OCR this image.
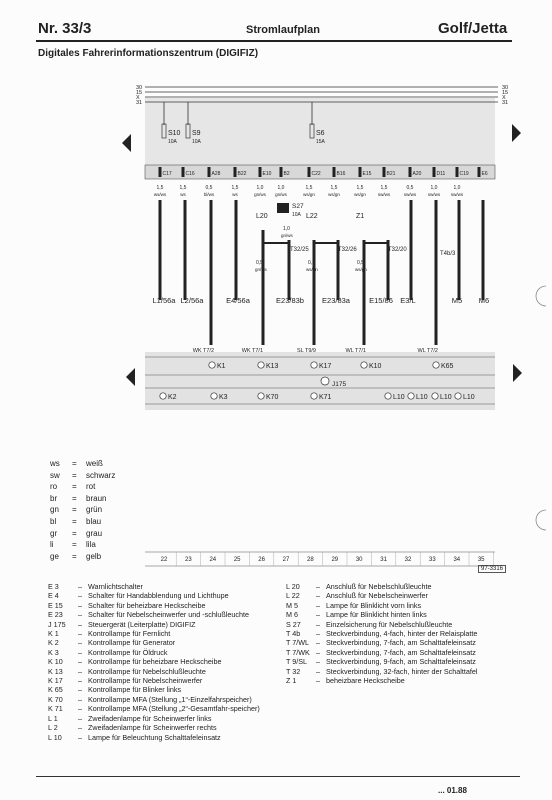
Nr. 33/3	Stromlaufplan	Golf/Jetta
Digitales Fahrerinformationszentrum (DIGIFIZ)
30	30
15	15
X	X
31	31
S10
10A
S9
10A
S6
15A
C17	C16	A28	B22	E10 B2	C22	B16	E15	B21	A20	D11	C19	E6
1,5
ws/ws
1,5
ws
0,5
bl/ws
1,5
ws
1,0
gn/ws
1,0
gn/ws
1,5
ws/gn
1,5
ws/gn
1,5
ws/gn
1,5
sw/ws
0,5
sw/ws
1,0
sw/ws
1,0
sw/ws
S27
10A
L20	L22	Z1
1,0
gn/ws
T32/25	T32/26	T32/20
T4b/3
0,5
gn/ws
0,5
ws/gn
0,5
ws/gn
L1/56a L2/56a	E4/56a	E23/83b E23/83a	E15/86 E3/L	M5 M6
WK T7/2	WK T7/1	SL T9/9	WL T7/1	WL T7/2
K1	K13	K17	K10	K65
J175
K2	K3	K70	K71	L10 L10 L10 L10
22	23	24	25	26	27	28	29	30	31	32	33	34	35
ws	=	weiß
sw	=	schwarz
ro	=	rot
br	=	braun
gn	=	grün
bl	=	blau
gr	=	grau
li	=	lila
ge	=	gelb
97-3316
E 3	– Warnlichtschalter
E 4	– Schalter für Handabblendung und Lichthupe
E 15	– Schalter für beheizbare Heckscheibe
E 23	– Schalter für Nebelscheinwerfer und -schlußleuchte
J 175	– Steuergerät (Leiterplatte) DIGIFIZ
K 1	– Kontrollampe für Fernlicht
K 2	– Kontrollampe für Generator
K 3	– Kontrollampe für Öldruck
K 10	– Kontrollampe für beheizbare Heckscheibe
K 13	– Kontrollampe für Nebelschlußleuchte
K 17	– Kontrollampe für Nebelscheinwerfer
K 65	– Kontrollampe für Blinker links
K 70	– Kontrollampe MFA (Stellung „1“-Einzelfahrspeicher)
K 71	– Kontrollampe MFA (Stellung „2“-Gesamtfahr-speicher)
L 1	– Zweifadenlampe für Scheinwerfer links
L 2	– Zweifadenlampe für Scheinwerfer rechts
L 10	– Lampe für Beleuchtung Schalttafeleinsatz
L 20	– Anschluß für Nebelschlußleuchte
L 22	– Anschluß für Nebelscheinwerfer
M 5	– Lampe für Blinklicht vorn links
M 6	– Lampe für Blinklicht hinten links
S 27	– Einzelsicherung für Nebelschlußleuchte
T 4b	– Steckverbindung, 4-fach, hinter der Relaisplatte
T 7/WL – Steckverbindung, 7-fach, am Schalttafeleinsatz
T 7/WK – Steckverbindung, 7-fach, am Schalttafeleinsatz
T 9/SL	– Steckverbindung, 9-fach, am Schalttafeleinsatz
T 32	– Steckverbindung, 32-fach, hinter der Schalttafel
Z 1	– beheizbare Heckscheibe
... 01.88
